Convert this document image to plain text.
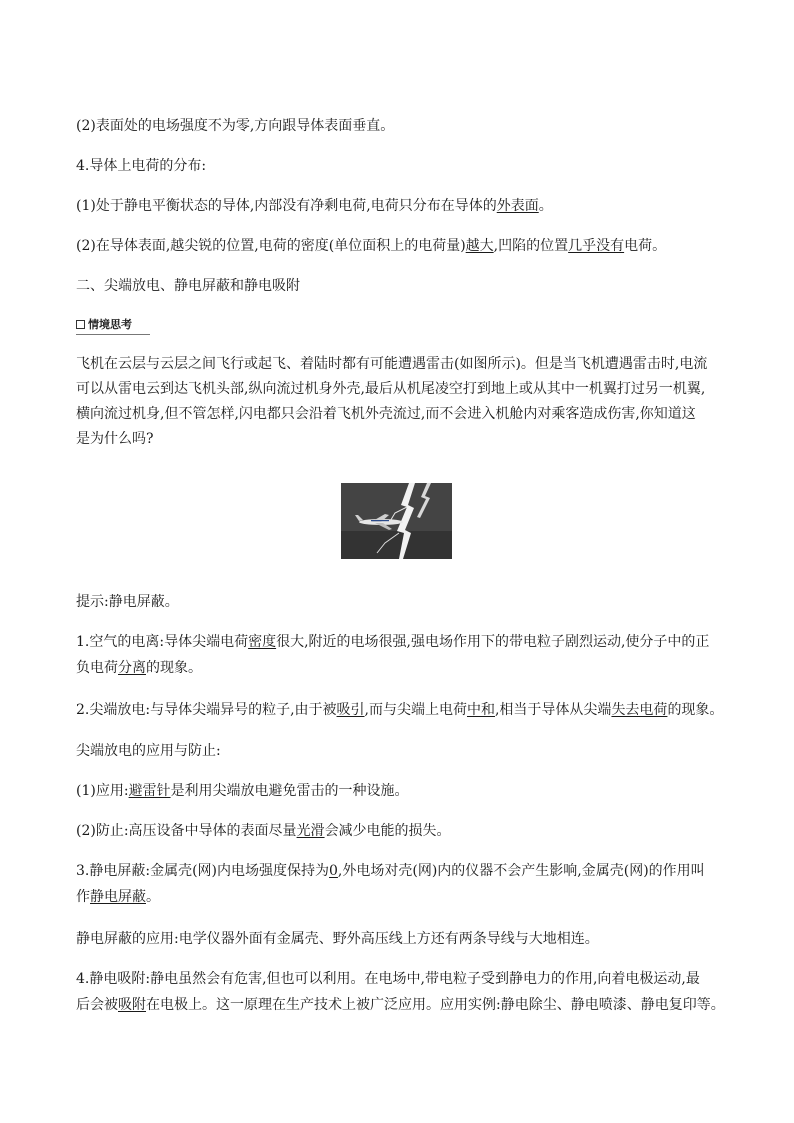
(2)表面处的电场强度不为零,方向跟导体表面垂直。
4.导体上电荷的分布:
(1)处于静电平衡状态的导体,内部没有净剩电荷,电荷只分布在导体的外表面。
(2)在导体表面,越尖锐的位置,电荷的密度(单位面积上的电荷量)越大,凹陷的位置几乎没有电荷。
二、尖端放电、静电屏蔽和静电吸附
情境思考
飞机在云层与云层之间飞行或起飞、着陆时都有可能遭遇雷击(如图所示)。但是当飞机遭遇雷击时,电流
可以从雷电云到达飞机头部,纵向流过机身外壳,最后从机尾凌空打到地上或从其中一机翼打过另一机翼,
横向流过机身,但不管怎样,闪电都只会沿着飞机外壳流过,而不会进入机舱内对乘客造成伤害,你知道这
是为什么吗?
提示:静电屏蔽。
1.空气的电离:导体尖端电荷密度很大,附近的电场很强,强电场作用下的带电粒子剧烈运动,使分子中的正
负电荷分离的现象。
2.尖端放电:与导体尖端异号的粒子,由于被吸引,而与尖端上电荷中和,相当于导体从尖端失去电荷的现象。
尖端放电的应用与防止:
(1)应用:避雷针是利用尖端放电避免雷击的一种设施。
(2)防止:高压设备中导体的表面尽量光滑会减少电能的损失。
3.静电屏蔽:金属壳(网)内电场强度保持为0,外电场对壳(网)内的仪器不会产生影响,金属壳(网)的作用叫
作静电屏蔽。
静电屏蔽的应用:电学仪器外面有金属壳、野外高压线上方还有两条导线与大地相连。
4.静电吸附:静电虽然会有危害,但也可以利用。在电场中,带电粒子受到静电力的作用,向着电极运动,最
后会被吸附在电极上。这一原理在生产技术上被广泛应用。应用实例:静电除尘、静电喷漆、静电复印等。
